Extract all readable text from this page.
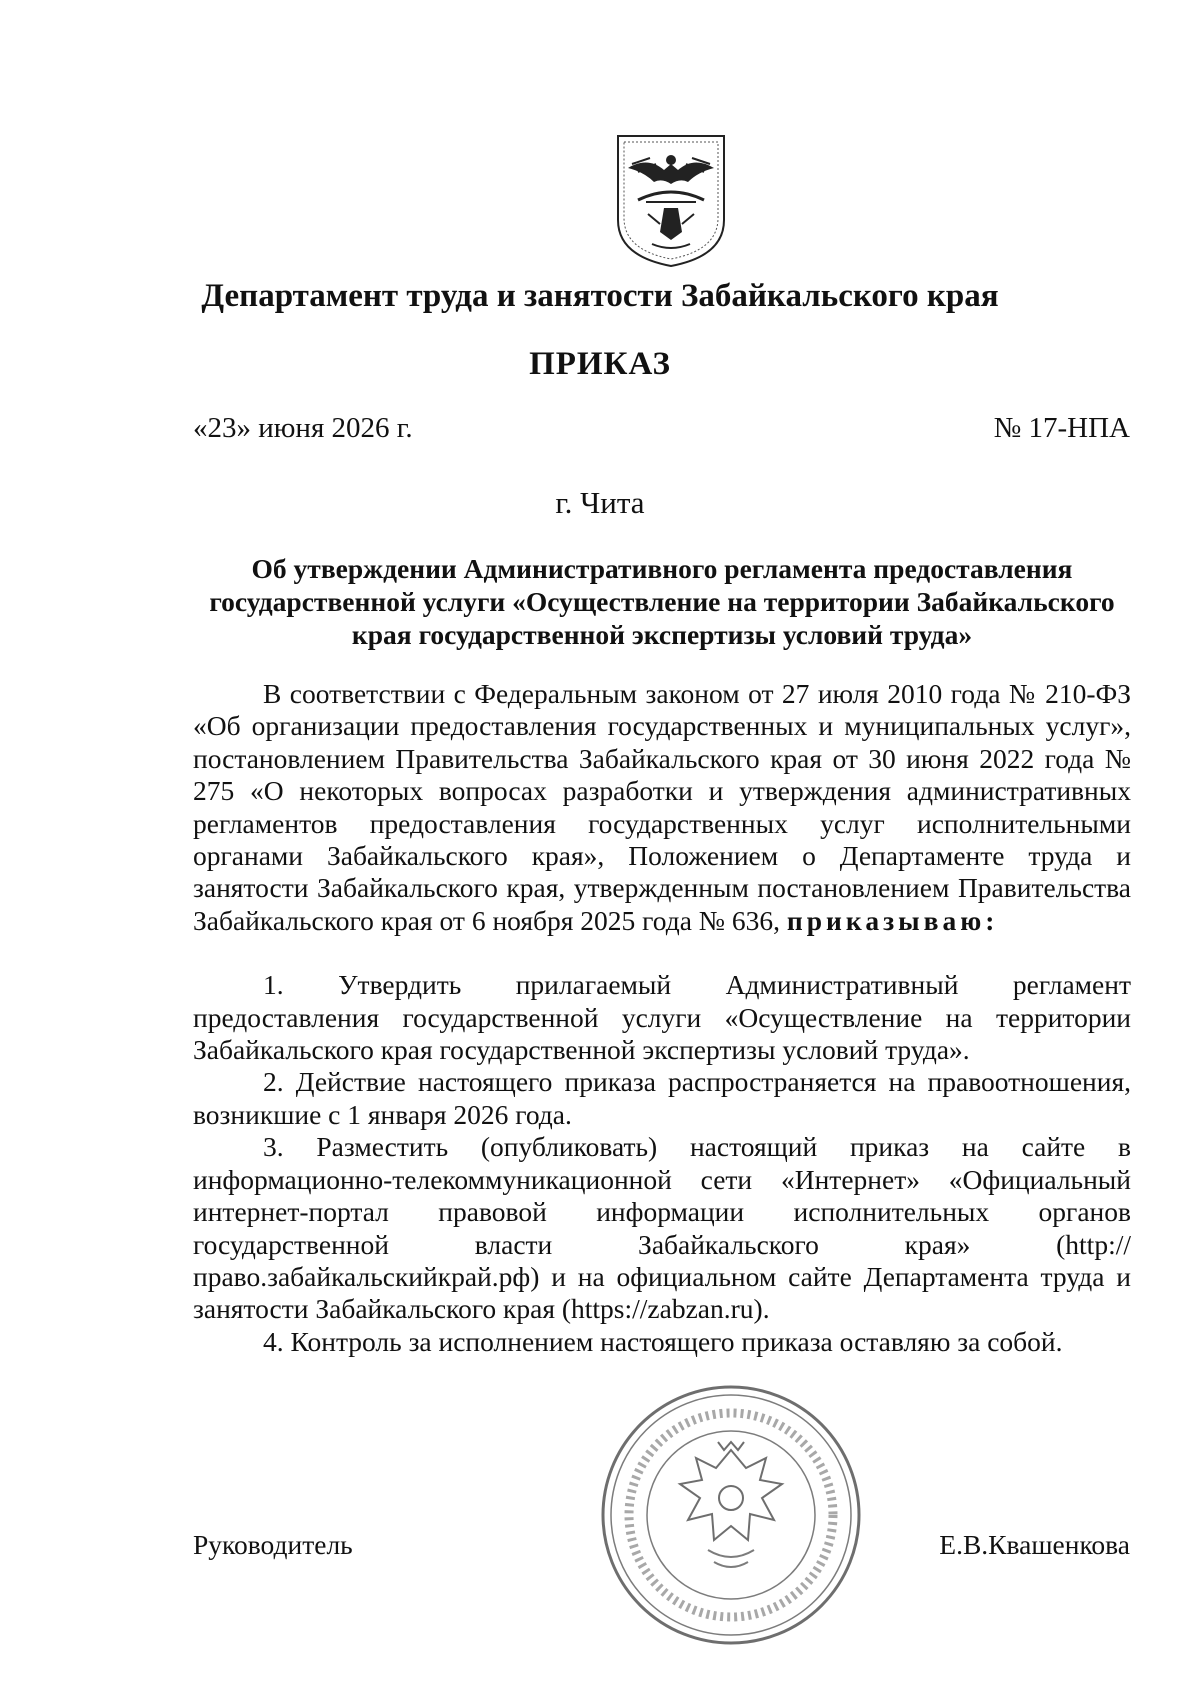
Департамент труда и занятости Забайкальского края
ПРИКАЗ
«23» июня 2026 г.	№ 17-НПА
г. Чита
Об утверждении Административного регламента предоставления государственной услуги «Осуществление на территории Забайкальского края государственной экспертизы условий труда»

В соответствии с Федеральным законом от 27 июля 2010 года № 210-ФЗ «Об организации предоставления государственных и муниципальных услуг», постановлением Правительства Забайкальского края от 30 июня 2022 года № 275 «О некоторых вопросах разработки и утверждения административных регламентов предоставления государственных услуг исполнительными органами Забайкальского края», Положением о Департаменте труда и занятости Забайкальского края, утвержденным постановлением Правительства Забайкальского края от 6 ноября 2025 года № 636, приказываю:

1. Утвердить прилагаемый Административный регламент предоставления государственной услуги «Осуществление на территории Забайкальского края государственной экспертизы условий труда».

2. Действие настоящего приказа распространяется на правоотношения, возникшие с 1 января 2026 года.

3. Разместить (опубликовать) настоящий приказ на сайте в информационно-телекоммуникационной сети «Интернет» «Официальный интернет-портал правовой информации исполнительных органов государственной власти Забайкальского края» (http://право.забайкальскийкрай.рф) и на официальном сайте Департамента труда и занятости Забайкальского края (https://zabzan.ru).

4. Контроль за исполнением настоящего приказа оставляю за собой.

Руководитель	Е.В.Квашенкова
